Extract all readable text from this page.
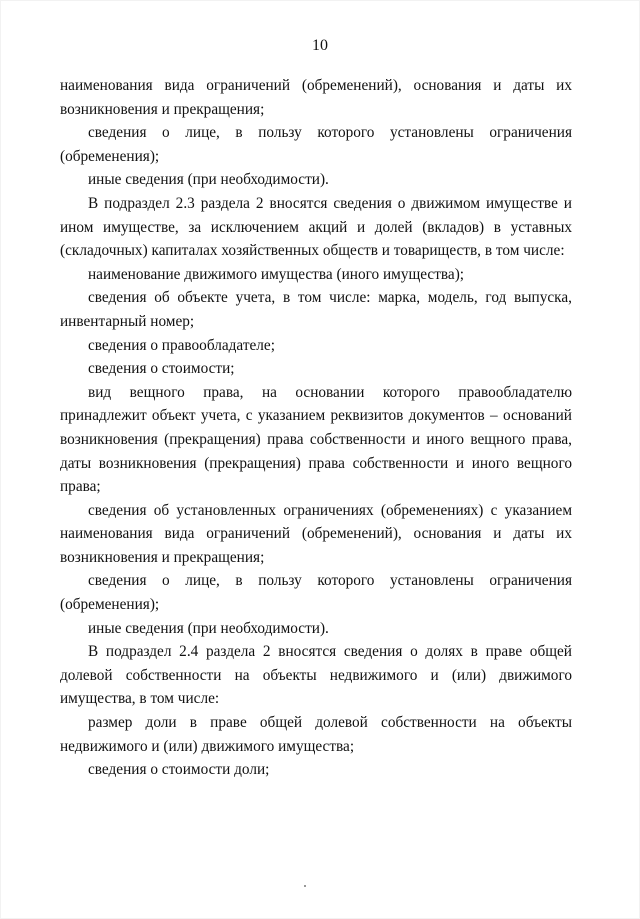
10

наименования вида ограничений (обременений), основания и даты их возникновения и прекращения;

сведения о лице, в пользу которого установлены ограничения (обременения);

иные сведения (при необходимости).

В подраздел 2.3 раздела 2 вносятся сведения о движимом имуществе и ином имуществе, за исключением акций и долей (вкладов) в уставных (складочных) капиталах хозяйственных обществ и товариществ, в том числе:

наименование движимого имущества (иного имущества);

сведения об объекте учета, в том числе: марка, модель, год выпуска, инвентарный номер;

сведения о правообладателе;

сведения о стоимости;

вид вещного права, на основании которого правообладателю принадлежит объект учета, с указанием реквизитов документов – оснований возникновения (прекращения) права собственности и иного вещного права, даты возникновения (прекращения) права собственности и иного вещного права;

сведения об установленных ограничениях (обременениях) с указанием наименования вида ограничений (обременений), основания и даты их возникновения и прекращения;

сведения о лице, в пользу которого установлены ограничения (обременения);

иные сведения (при необходимости).

В подраздел 2.4 раздела 2 вносятся сведения о долях в праве общей долевой собственности на объекты недвижимого и (или) движимого имущества, в том числе:

размер доли в праве общей долевой собственности на объекты недвижимого и (или) движимого имущества;

сведения о стоимости доли;
